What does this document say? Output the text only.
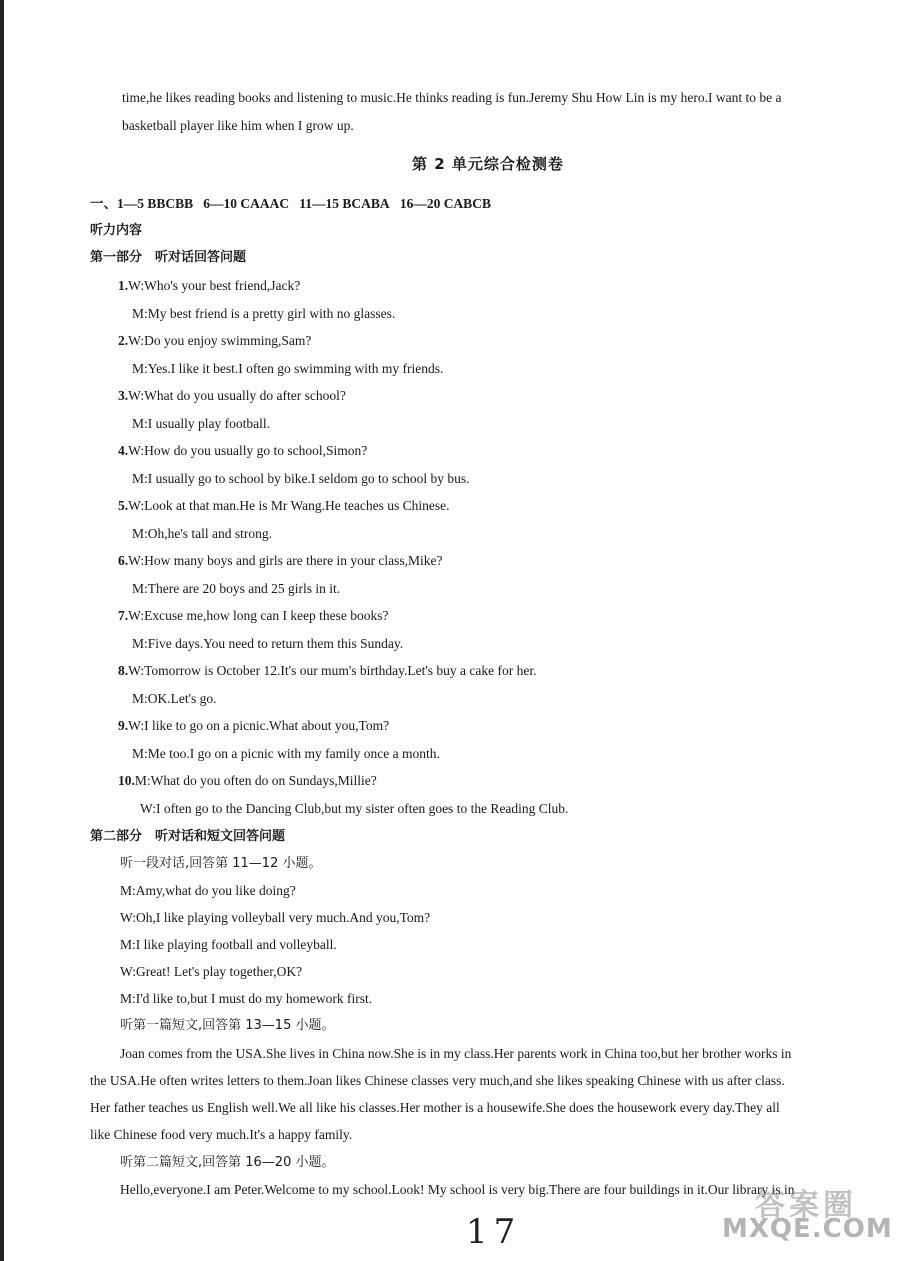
time,he likes reading books and listening to music.He thinks reading is fun.Jeremy Shu How Lin is my hero.I want to be a
basketball player like him when I grow up.
第 2 单元综合检测卷
一、1—5 BBCBB 6—10 CAAAC 11—15 BCABA 16—20 CABCB
听力内容
第一部分　听对话回答问题
1.W:Who's your best friend,Jack?
M:My best friend is a pretty girl with no glasses.
2.W:Do you enjoy swimming,Sam?
M:Yes.I like it best.I often go swimming with my friends.
3.W:What do you usually do after school?
M:I usually play football.
4.W:How do you usually go to school,Simon?
M:I usually go to school by bike.I seldom go to school by bus.
5.W:Look at that man.He is Mr Wang.He teaches us Chinese.
M:Oh,he's tall and strong.
6.W:How many boys and girls are there in your class,Mike?
M:There are 20 boys and 25 girls in it.
7.W:Excuse me,how long can I keep these books?
M:Five days.You need to return them this Sunday.
8.W:Tomorrow is October 12.It's our mum's birthday.Let's buy a cake for her.
M:OK.Let's go.
9.W:I like to go on a picnic.What about you,Tom?
M:Me too.I go on a picnic with my family once a month.
10.M:What do you often do on Sundays,Millie?
W:I often go to the Dancing Club,but my sister often goes to the Reading Club.
第二部分　听对话和短文回答问题
听一段对话,回答第 11—12 小题。
M:Amy,what do you like doing?
W:Oh,I like playing volleyball very much.And you,Tom?
M:I like playing football and volleyball.
W:Great! Let's play together,OK?
M:I'd like to,but I must do my homework first.
听第一篇短文,回答第 13—15 小题。
Joan comes from the USA.She lives in China now.She is in my class.Her parents work in China too,but her brother works in
the USA.He often writes letters to them.Joan likes Chinese classes very much,and she likes speaking Chinese with us after class.
Her father teaches us English well.We all like his classes.Her mother is a housewife.She does the housework every day.They all
like Chinese food very much.It's a happy family.
听第二篇短文,回答第 16—20 小题。
Hello,everyone.I am Peter.Welcome to my school.Look! My school is very big.There are four buildings in it.Our library is in
17
答案圈
MXQE.COM
